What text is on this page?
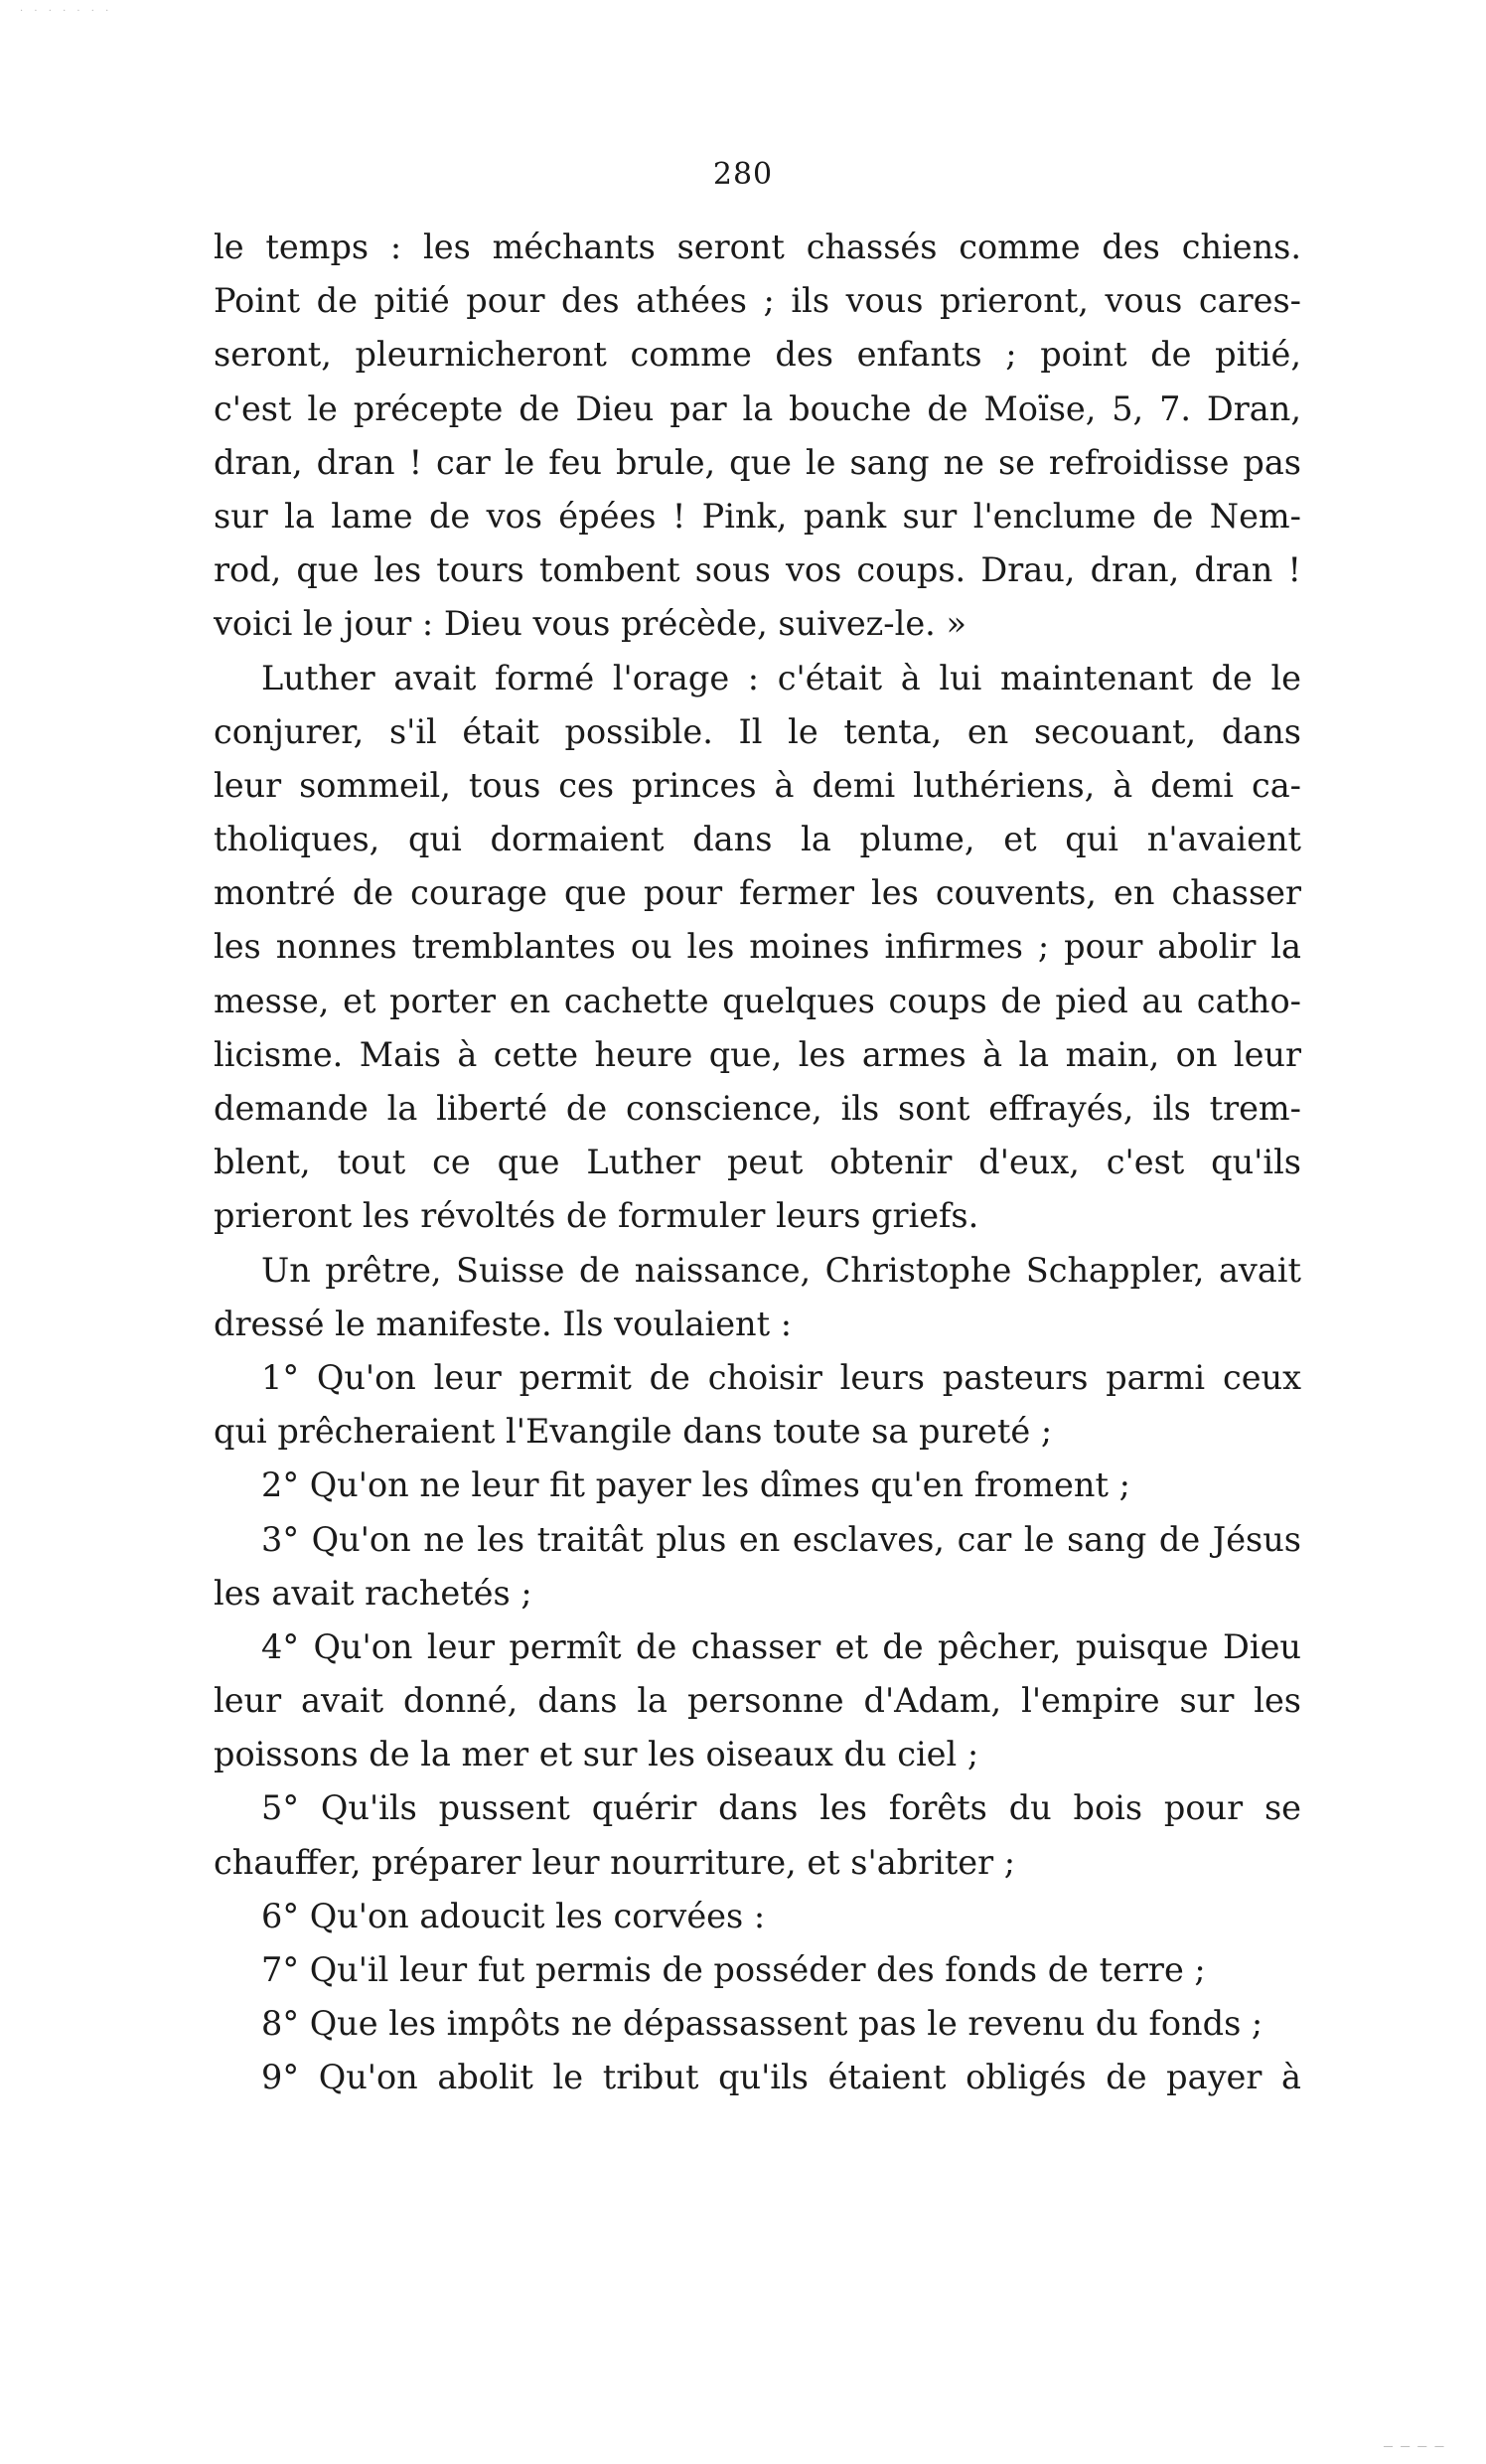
· · · · · · ·
280
le temps : les méchants seront chassés comme des chiens.
Point de pitié pour des athées ; ils vous prieront, vous cares-
seront, pleurnicheront comme des enfants ; point de pitié,
c'est le précepte de Dieu par la bouche de Moïse, 5, 7. Dran,
dran, dran ! car le feu brule, que le sang ne se refroidisse pas
sur la lame de vos épées ! Pink, pank sur l'enclume de Nem-
rod, que les tours tombent sous vos coups. Drau, dran, dran !
voici le jour : Dieu vous précède, suivez-le. »
Luther avait formé l'orage : c'était à lui maintenant de le
conjurer, s'il était possible. Il le tenta, en secouant, dans
leur sommeil, tous ces princes à demi luthériens, à demi ca-
tholiques, qui dormaient dans la plume, et qui n'avaient
montré de courage que pour fermer les couvents, en chasser
les nonnes tremblantes ou les moines infirmes ; pour abolir la
messe, et porter en cachette quelques coups de pied au catho-
licisme. Mais à cette heure que, les armes à la main, on leur
demande la liberté de conscience, ils sont effrayés, ils trem-
blent, tout ce que Luther peut obtenir d'eux, c'est qu'ils
prieront les révoltés de formuler leurs griefs.
Un prêtre, Suisse de naissance, Christophe Schappler, avait
dressé le manifeste. Ils voulaient :
1° Qu'on leur permit de choisir leurs pasteurs parmi ceux
qui prêcheraient l'Evangile dans toute sa pureté ;
2° Qu'on ne leur fit payer les dîmes qu'en froment ;
3° Qu'on ne les traitât plus en esclaves, car le sang de Jésus
les avait rachetés ;
4° Qu'on leur permît de chasser et de pêcher, puisque Dieu
leur avait donné, dans la personne d'Adam, l'empire sur les
poissons de la mer et sur les oiseaux du ciel ;
5° Qu'ils pussent quérir dans les forêts du bois pour se
chauffer, préparer leur nourriture, et s'abriter ;
6° Qu'on adoucit les corvées :
7° Qu'il leur fut permis de posséder des fonds de terre ;
8° Que les impôts ne dépassassent pas le revenu du fonds ;
9° Qu'on abolit le tribut qu'ils étaient obligés de payer à
— — — —
